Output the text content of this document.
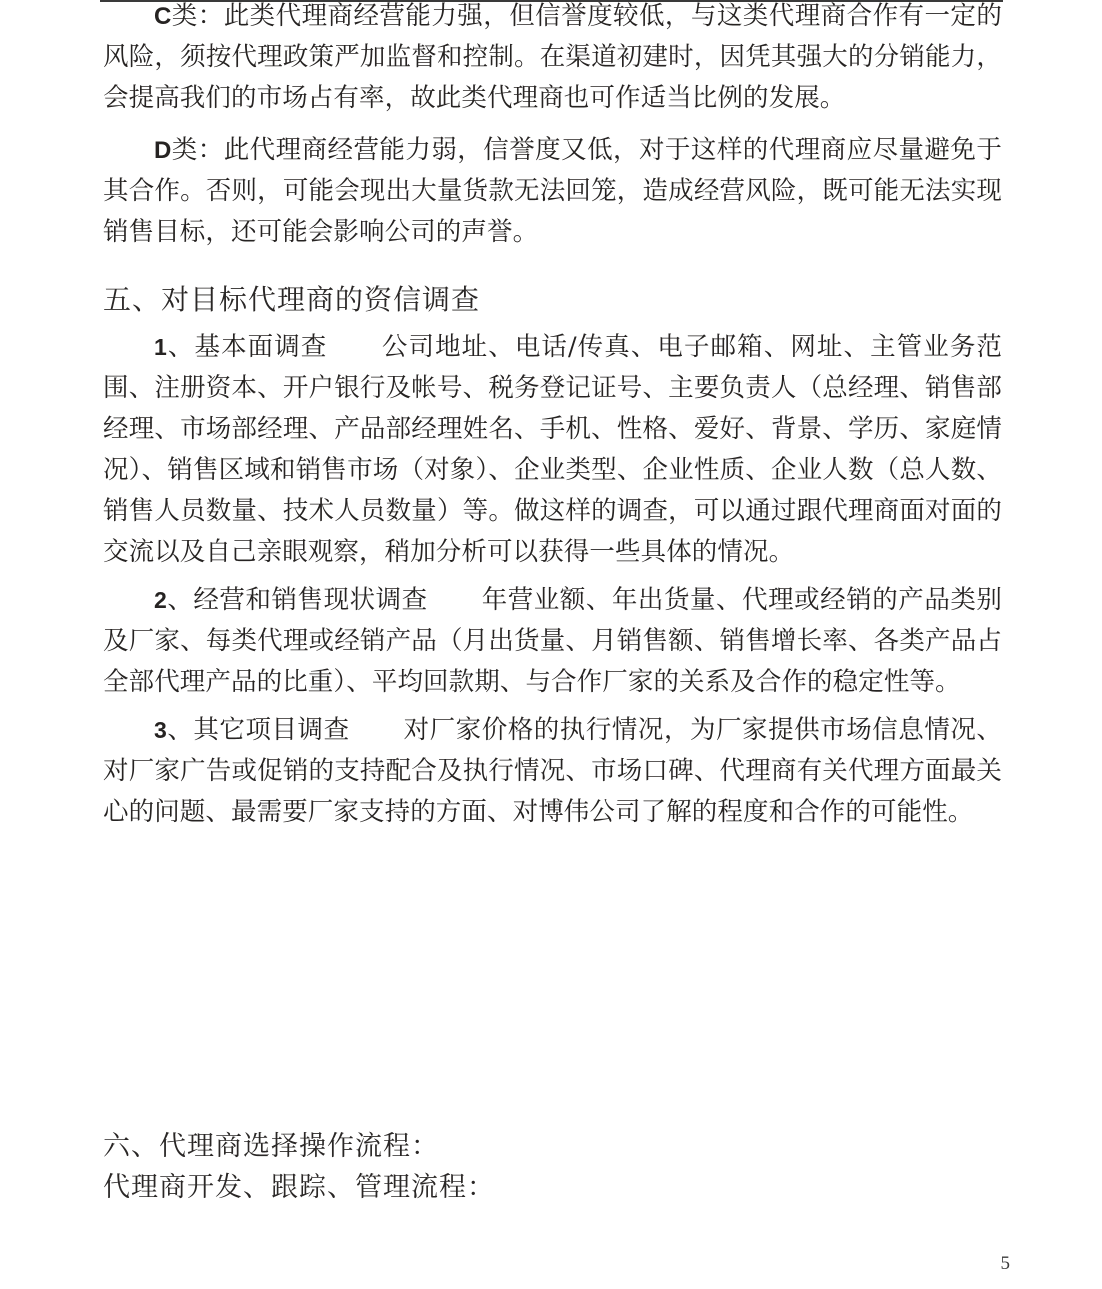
C类：此类代理商经营能力强，但信誉度较低，与这类代理商合作有一定的风险，须按代理政策严加监督和控制。在渠道初建时，因凭其强大的分销能力，会提高我们的市场占有率，故此类代理商也可作适当比例的发展。

D类：此代理商经营能力弱，信誉度又低，对于这样的代理商应尽量避免于其合作。否则，可能会现出大量货款无法回笼，造成经营风险，既可能无法实现销售目标，还可能会影响公司的声誉。

五、对目标代理商的资信调查

1、基本面调查 公司地址、电话/传真、电子邮箱、网址、主管业务范围、注册资本、开户银行及帐号、税务登记证号、主要负责人（总经理、销售部经理、市场部经理、产品部经理姓名、手机、性格、爱好、背景、学历、家庭情况）、销售区域和销售市场（对象）、企业类型、企业性质、企业人数（总人数、销售人员数量、技术人员数量）等。做这样的调查，可以通过跟代理商面对面的交流以及自己亲眼观察，稍加分析可以获得一些具体的情况。

2、经营和销售现状调查 年营业额、年出货量、代理或经销的产品类别及厂家、每类代理或经销产品（月出货量、月销售额、销售增长率、各类产品占全部代理产品的比重）、平均回款期、与合作厂家的关系及合作的稳定性等。

3、其它项目调查 对厂家价格的执行情况，为厂家提供市场信息情况、对厂家广告或促销的支持配合及执行情况、市场口碑、代理商有关代理方面最关心的问题、最需要厂家支持的方面、对博伟公司了解的程度和合作的可能性。

六、代理商选择操作流程：
代理商开发、跟踪、管理流程：
5
